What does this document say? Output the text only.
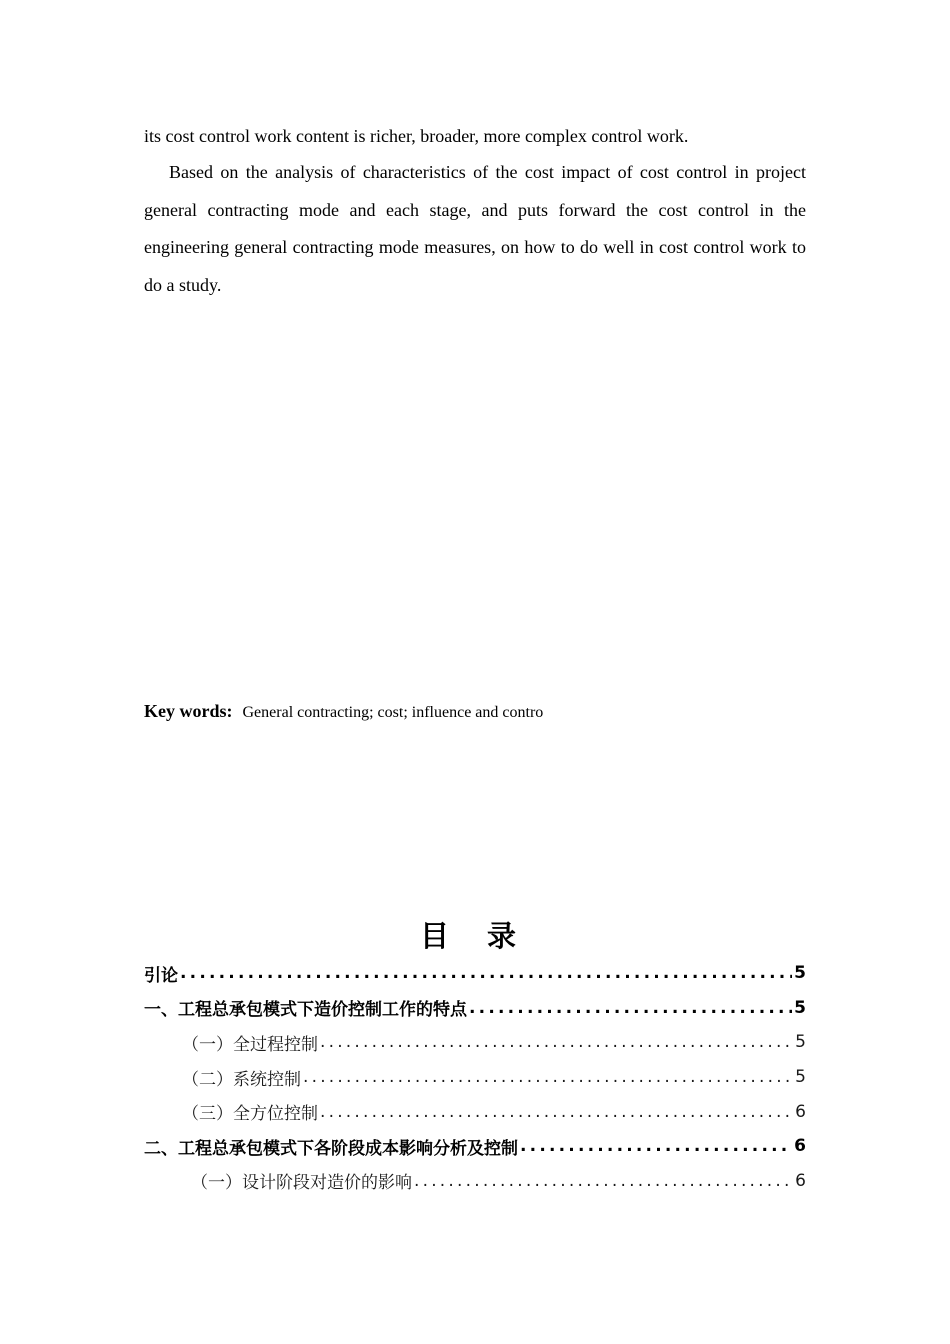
its cost control work content is richer, broader, more complex control work.

Based on the analysis of characteristics of the cost impact of cost control in project general contracting mode and each stage, and puts forward the cost control in the engineering general contracting mode measures, on how to do well in cost control work to do a study.

Key words: General contracting; cost; influence and contro
目 录
引论 .....	5
一、工程总承包模式下造价控制工作的特点 .....	5
（一）全过程控制 .....	5
（二）系统控制 .....	5
（三）全方位控制 .....	6
二、工程总承包模式下各阶段成本影响分析及控制 .....	6
（一）设计阶段对造价的影响 .....	6
